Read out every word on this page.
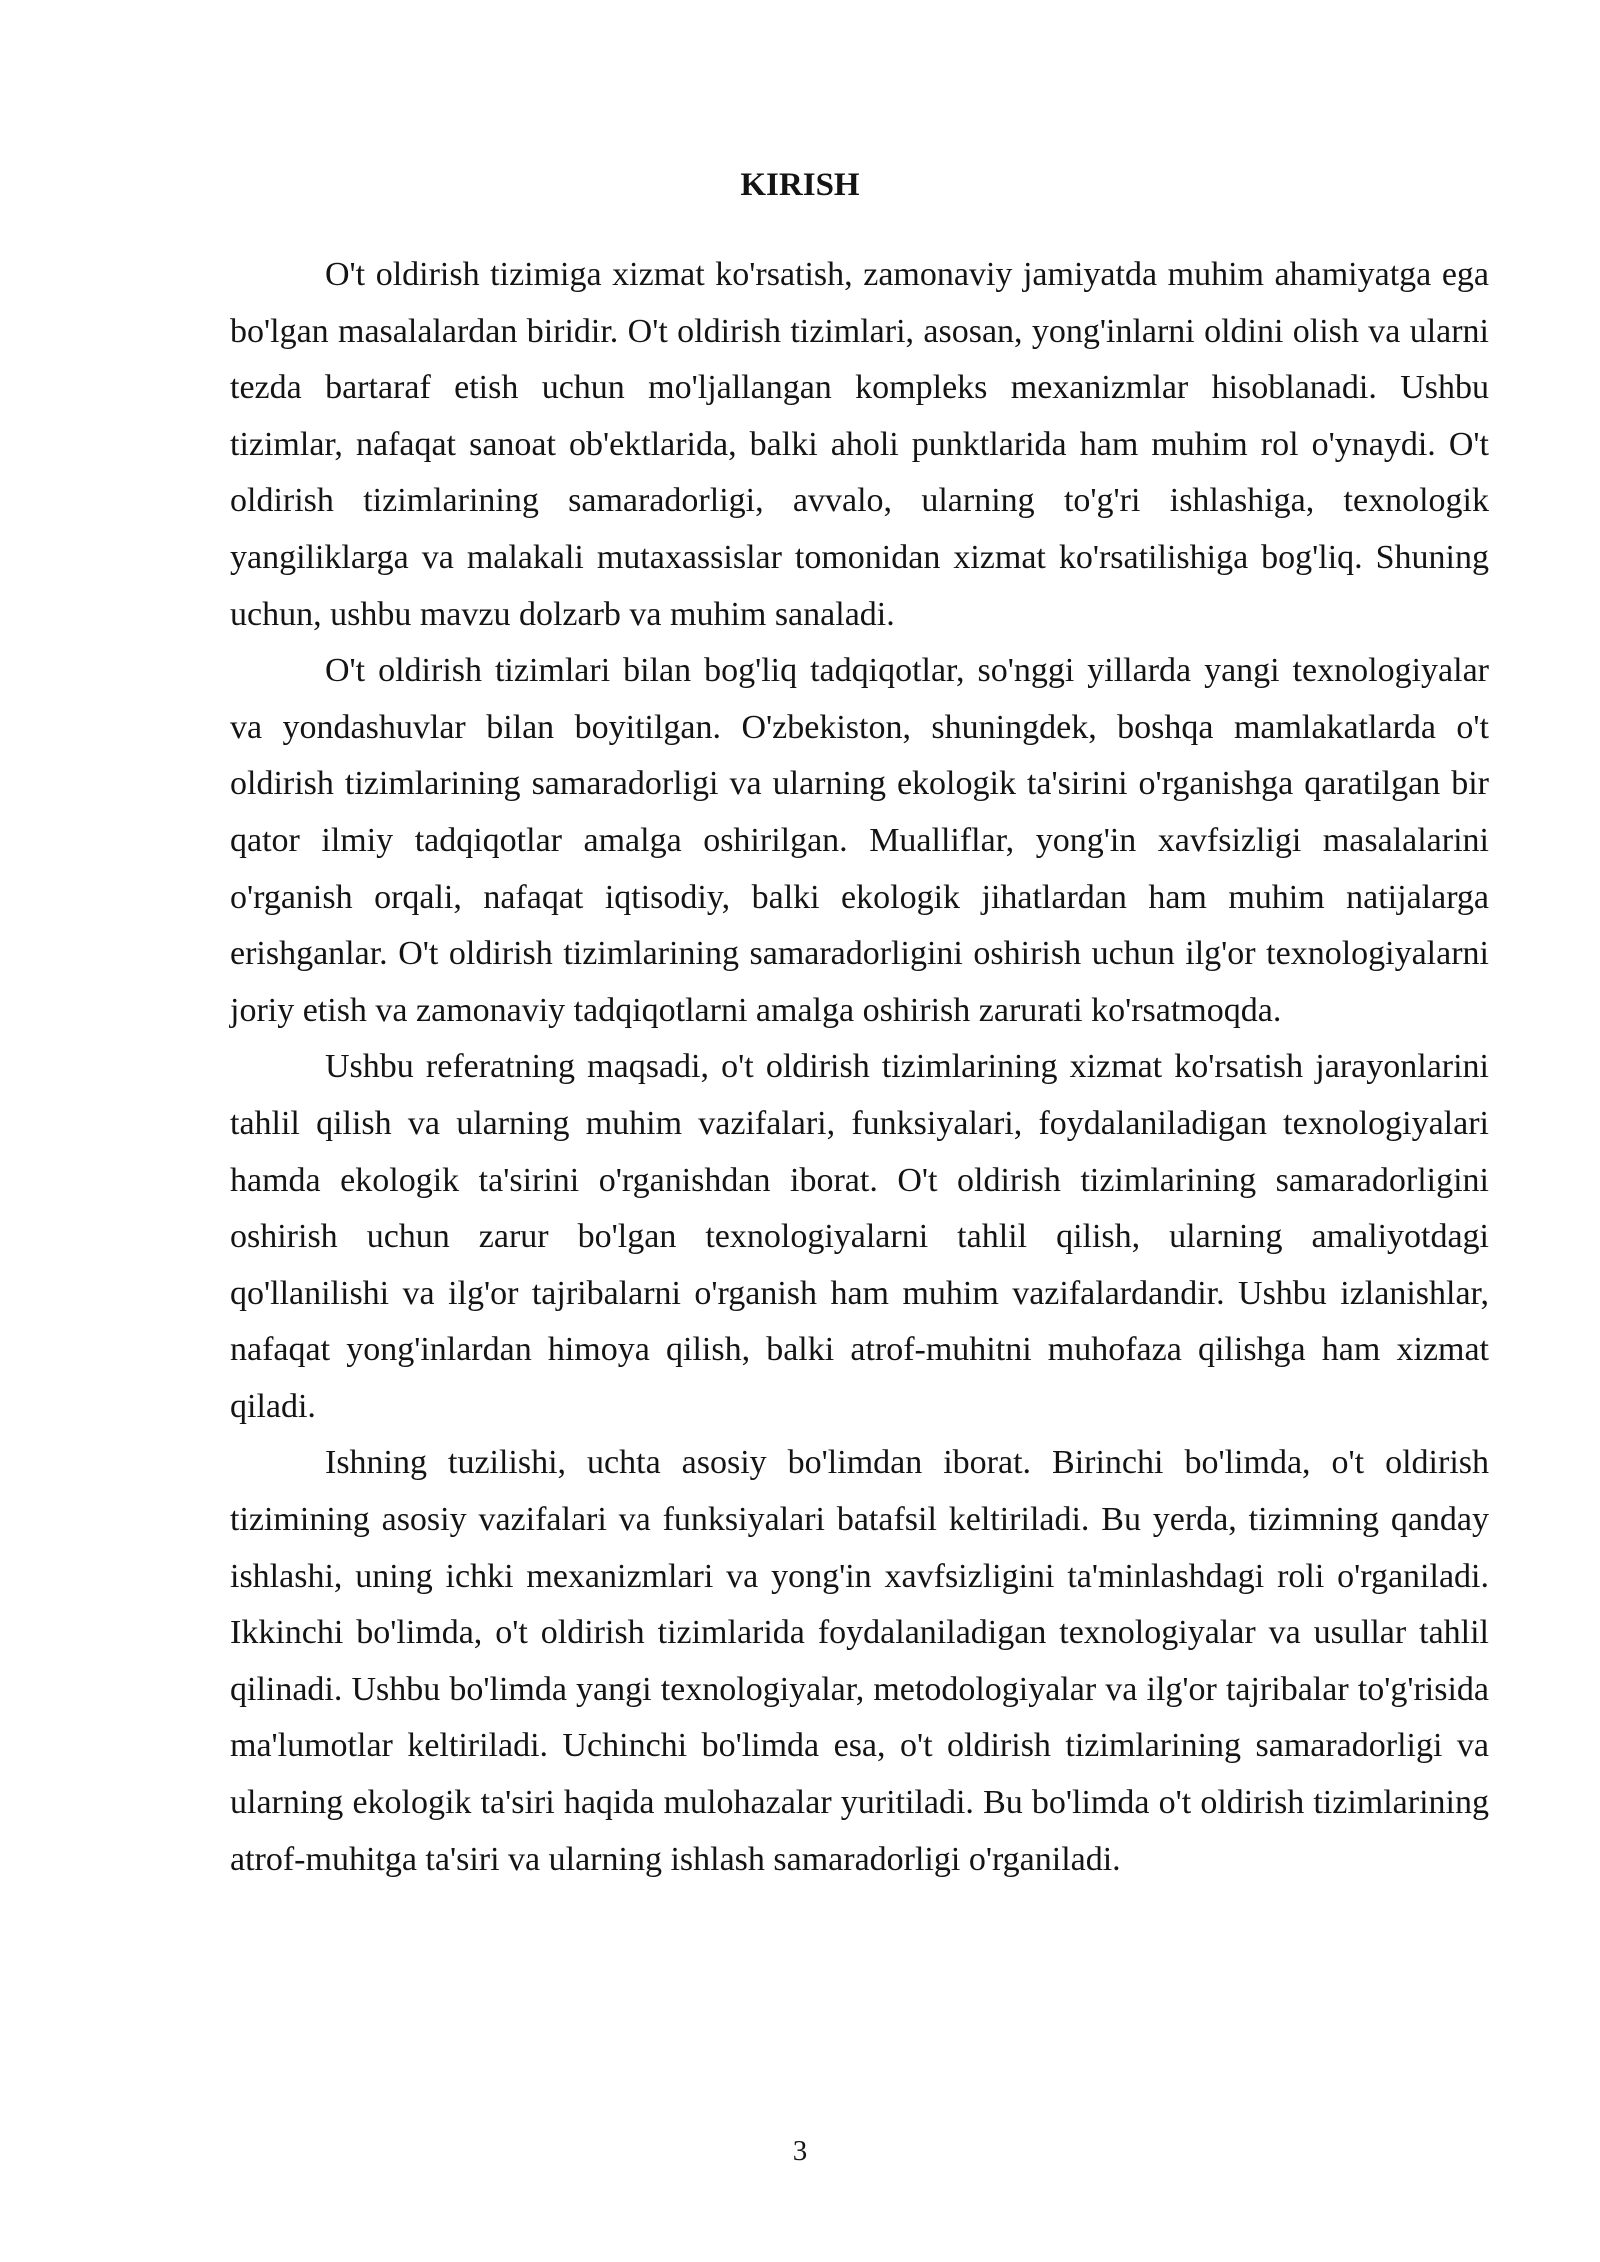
KIRISH

O't oldirish tizimiga xizmat ko'rsatish, zamonaviy jamiyatda muhim ahamiyatga ega bo'lgan masalalardan biridir. O't oldirish tizimlari, asosan, yong'inlarni oldini olish va ularni tezda bartaraf etish uchun mo'ljallangan kompleks mexanizmlar hisoblanadi. Ushbu tizimlar, nafaqat sanoat ob'ektlarida, balki aholi punktlarida ham muhim rol o'ynaydi. O't oldirish tizimlarining samaradorligi, avvalo, ularning to'g'ri ishlashiga, texnologik yangiliklarga va malakali mutaxassislar tomonidan xizmat ko'rsatilishiga bog'liq. Shuning uchun, ushbu mavzu dolzarb va muhim sanaladi.

O't oldirish tizimlari bilan bog'liq tadqiqotlar, so'nggi yillarda yangi texnologiyalar va yondashuvlar bilan boyitilgan. O'zbekiston, shuningdek, boshqa mamlakatlarda o't oldirish tizimlarining samaradorligi va ularning ekologik ta'sirini o'rganishga qaratilgan bir qator ilmiy tadqiqotlar amalga oshirilgan. Mualliflar, yong'in xavfsizligi masalalarini o'rganish orqali, nafaqat iqtisodiy, balki ekologik jihatlardan ham muhim natijalarga erishganlar. O't oldirish tizimlarining samaradorligini oshirish uchun ilg'or texnologiyalarni joriy etish va zamonaviy tadqiqotlarni amalga oshirish zarurati ko'rsatmoqda.

Ushbu referatning maqsadi, o't oldirish tizimlarining xizmat ko'rsatish jarayonlarini tahlil qilish va ularning muhim vazifalari, funksiyalari, foydalaniladigan texnologiyalari hamda ekologik ta'sirini o'rganishdan iborat. O't oldirish tizimlarining samaradorligini oshirish uchun zarur bo'lgan texnologiyalarni tahlil qilish, ularning amaliyotdagi qo'llanilishi va ilg'or tajribalarni o'rganish ham muhim vazifalardandir. Ushbu izlanishlar, nafaqat yong'inlardan himoya qilish, balki atrof-muhitni muhofaza qilishga ham xizmat qiladi.

Ishning tuzilishi, uchta asosiy bo'limdan iborat. Birinchi bo'limda, o't oldirish tizimining asosiy vazifalari va funksiyalari batafsil keltiriladi. Bu yerda, tizimning qanday ishlashi, uning ichki mexanizmlari va yong'in xavfsizligini ta'minlashdagi roli o'rganiladi. Ikkinchi bo'limda, o't oldirish tizimlarida foydalaniladigan texnologiyalar va usullar tahlil qilinadi. Ushbu bo'limda yangi texnologiyalar, metodologiyalar va ilg'or tajribalar to'g'risida ma'lumotlar keltiriladi. Uchinchi bo'limda esa, o't oldirish tizimlarining samaradorligi va ularning ekologik ta'siri haqida mulohazalar yuritiladi. Bu bo'limda o't oldirish tizimlarining atrof-muhitga ta'siri va ularning ishlash samaradorligi o'rganiladi.

3
